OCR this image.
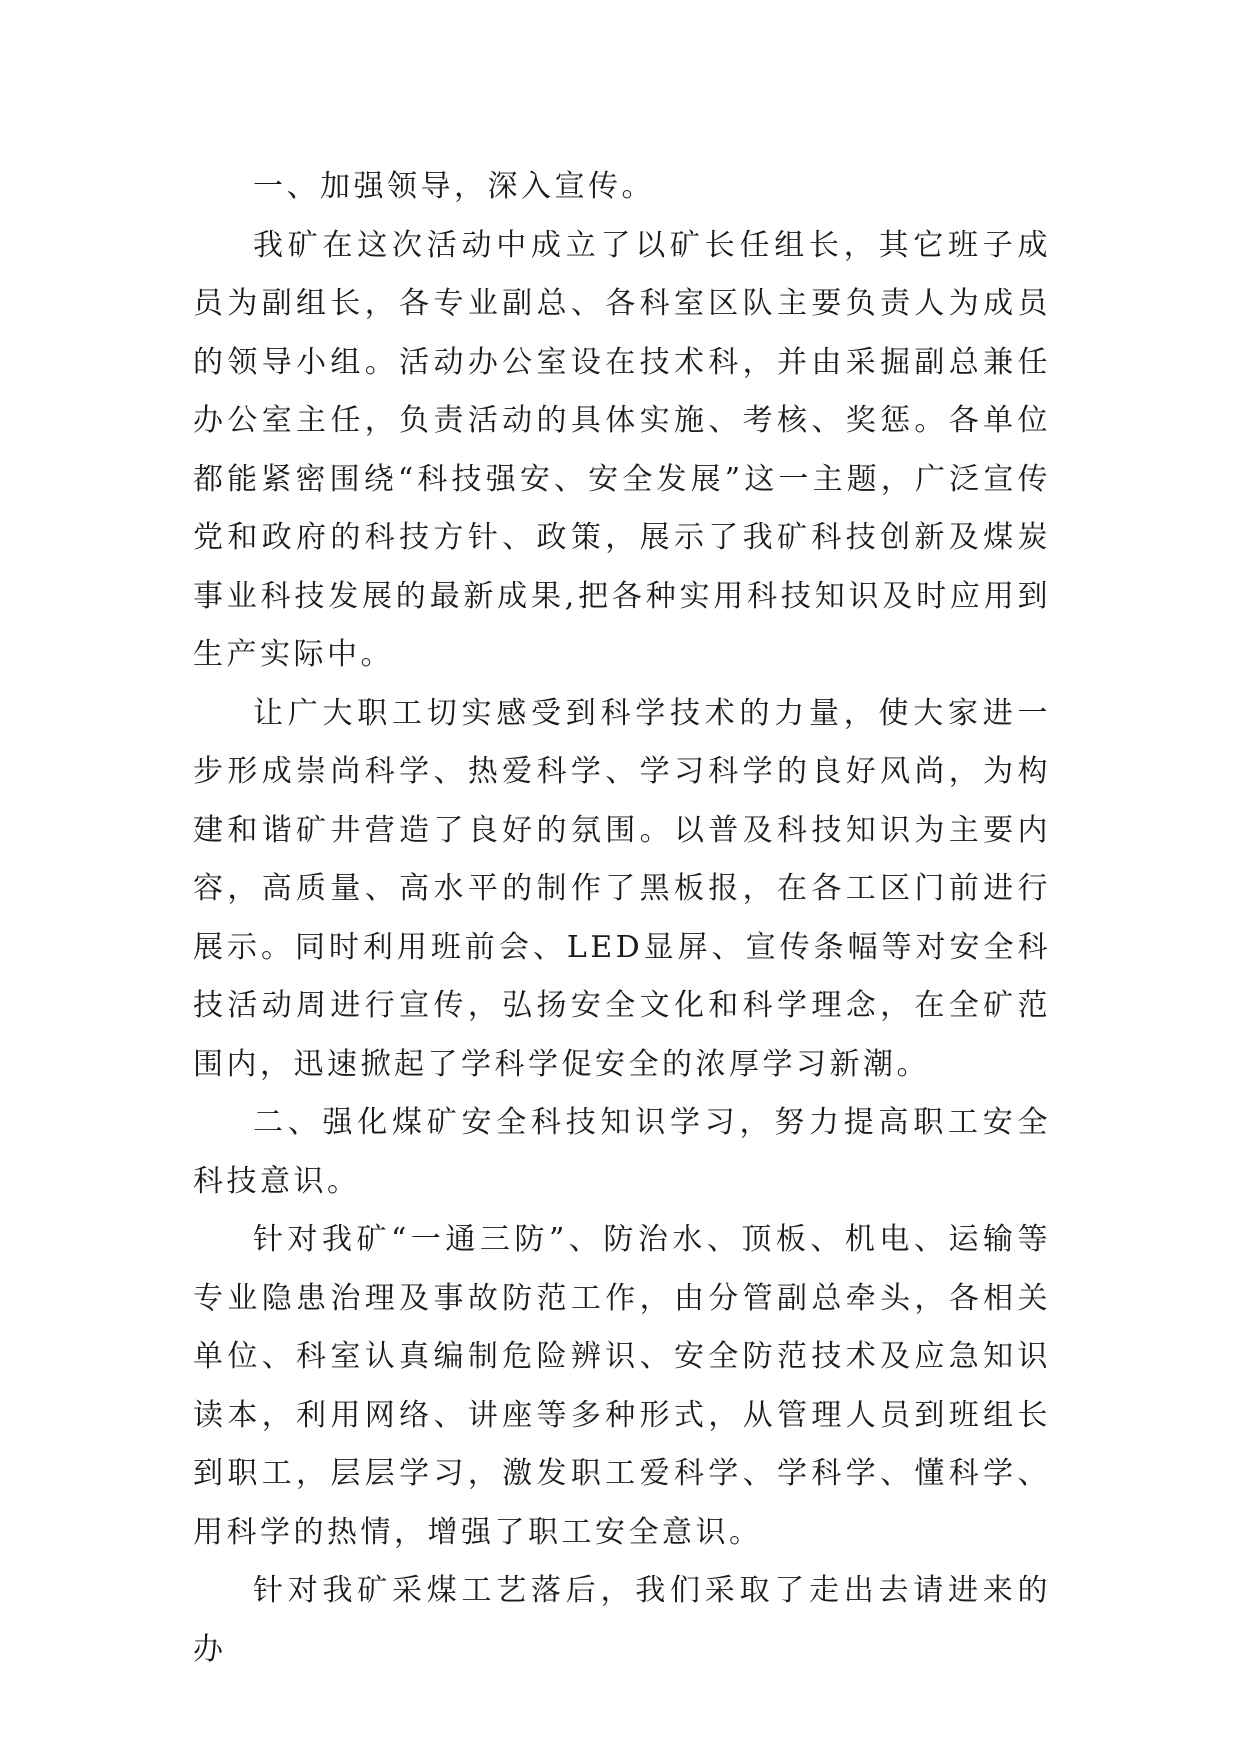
一、加强领导，深入宣传。

我矿在这次活动中成立了以矿长任组长，其它班子成员为副组长，各专业副总、各科室区队主要负责人为成员的领导小组。活动办公室设在技术科，并由采掘副总兼任办公室主任，负责活动的具体实施、考核、奖惩。各单位都能紧密围绕“科技强安、安全发展”这一主题，广泛宣传党和政府的科技方针、政策，展示了我矿科技创新及煤炭事业科技发展的最新成果,把各种实用科技知识及时应用到生产实际中。

让广大职工切实感受到科学技术的力量，使大家进一步形成崇尚科学、热爱科学、学习科学的良好风尚，为构建和谐矿井营造了良好的氛围。以普及科技知识为主要内容，高质量、高水平的制作了黑板报，在各工区门前进行展示。同时利用班前会、LED显屏、宣传条幅等对安全科技活动周进行宣传，弘扬安全文化和科学理念，在全矿范围内，迅速掀起了学科学促安全的浓厚学习新潮。

二、强化煤矿安全科技知识学习，努力提高职工安全科技意识。

针对我矿“一通三防”、防治水、顶板、机电、运输等专业隐患治理及事故防范工作，由分管副总牵头，各相关单位、科室认真编制危险辨识、安全防范技术及应急知识读本，利用网络、讲座等多种形式，从管理人员到班组长到职工，层层学习，激发职工爱科学、学科学、懂科学、用科学的热情，增强了职工安全意识。

针对我矿采煤工艺落后，我们采取了走出去请进来的办
